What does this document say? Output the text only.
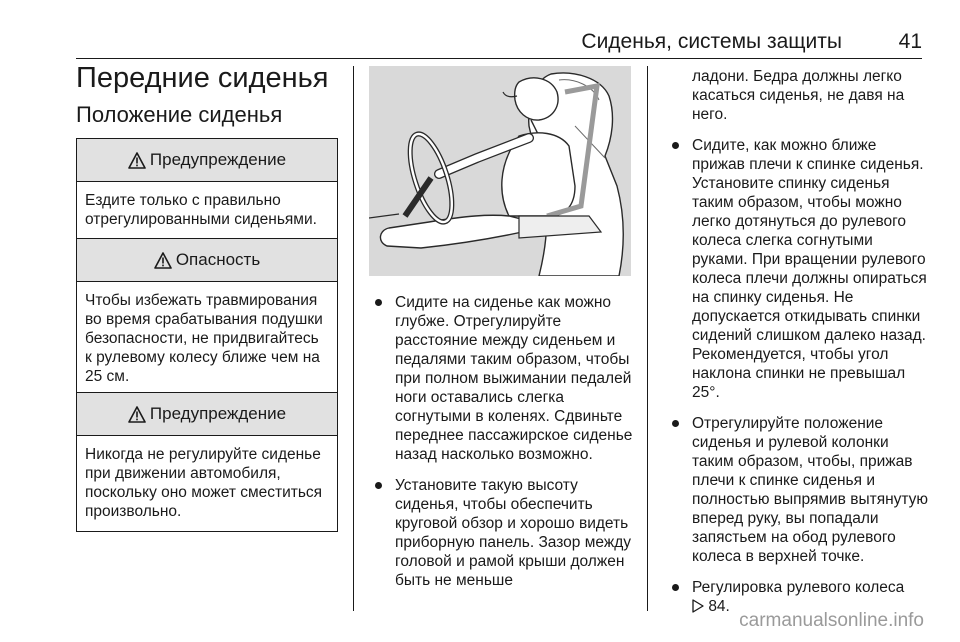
Сиденья, системы защиты	41
Передние сиденья
Положение сиденья
Предупреждение

Ездите только с правильно отрегулированными сиденьями.

Опасность

Чтобы избежать травмирования во время срабатывания подушки безопасности, не придвигайтесь к рулевому колесу ближе чем на 25 см.

Предупреждение

Никогда не регулируйте сиденье при движении автомобиля, поскольку оно может сместиться произвольно.

Сидите на сиденье как можно глубже. Отрегулируйте расстояние между сиденьем и педалями таким образом, чтобы при полном выжимании педалей ноги оставались слегка согнутыми в коленях. Сдвиньте переднее пассажирское сиденье назад насколько возможно.

Установите такую высоту сиденья, чтобы обеспечить круговой обзор и хорошо видеть приборную панель. Зазор между головой и рамой крыши должен быть не меньше

ладони. Бедра должны легко касаться сиденья, не давя на него.

Сидите, как можно ближе прижав плечи к спинке сиденья. Установите спинку сиденья таким образом, чтобы можно легко дотянуться до рулевого колеса слегка согнутыми руками. При вращении рулевого колеса плечи должны опираться на спинку сиденья. Не допускается откидывать спинки сидений слишком далеко назад. Рекомендуется, чтобы угол наклона спинки не превышал 25°.

Отрегулируйте положение сиденья и рулевой колонки таким образом, чтобы, прижав плечи к спинке сиденья и полностью выпрямив вытянутую вперед руку, вы попадали запястьем на обод рулевого колеса в верхней точке.

Регулировка рулевого колеса
84.
carmanualsonline.info
